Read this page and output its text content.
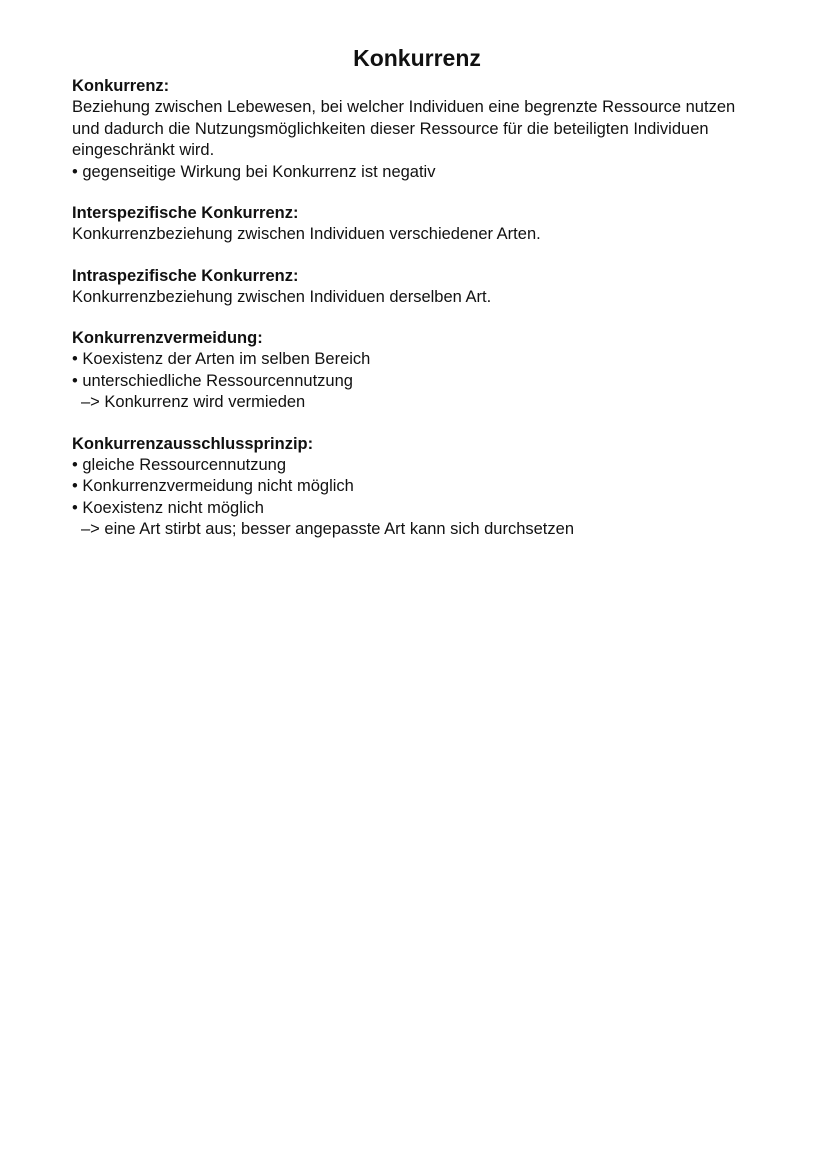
Konkurrenz

Konkurrenz:

Beziehung zwischen Lebewesen, bei welcher Individuen eine begrenzte Ressource nutzen und dadurch die Nutzungsmöglichkeiten dieser Ressource für die beteiligten Individuen eingeschränkt wird.

• gegenseitige Wirkung bei Konkurrenz ist negativ

Interspezifische Konkurrenz:

Konkurrenzbeziehung zwischen Individuen verschiedener Arten.

Intraspezifische Konkurrenz:

Konkurrenzbeziehung zwischen Individuen derselben Art.

Konkurrenzvermeidung:

• Koexistenz der Arten im selben Bereich

• unterschiedliche Ressourcennutzung

–> Konkurrenz wird vermieden

Konkurrenzausschlussprinzip:

• gleiche Ressourcennutzung

• Konkurrenzvermeidung nicht möglich

• Koexistenz nicht möglich

–> eine Art stirbt aus; besser angepasste Art kann sich durchsetzen
